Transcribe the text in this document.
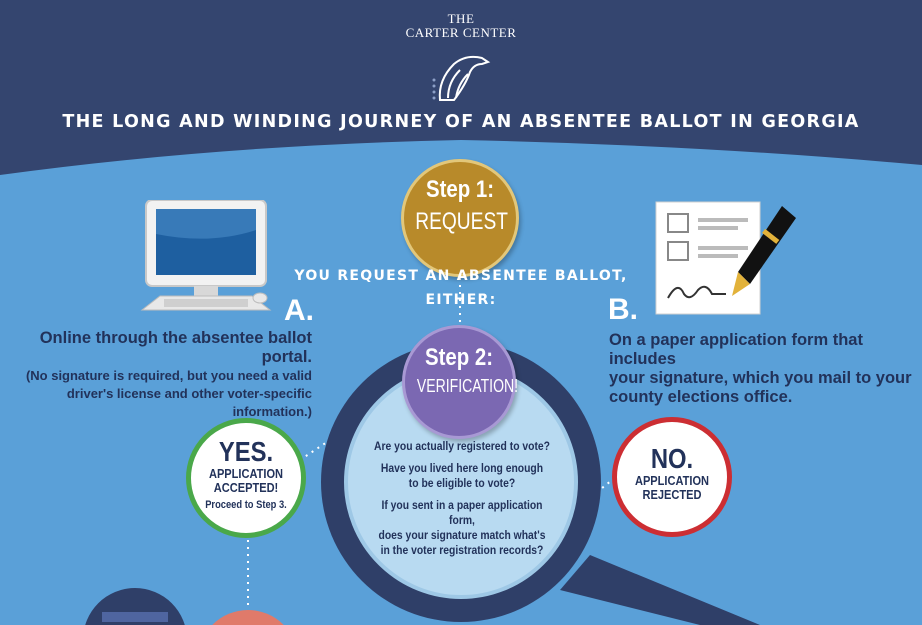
THE
CARTER CENTER
THE LONG AND WINDING JOURNEY OF AN ABSENTEE BALLOT IN GEORGIA
Step 1:
REQUEST
YOU REQUEST AN ABSENTEE BALLOT,
EITHER:
A.
Online through the absentee ballot portal.
(No signature is required, but you need a valid
driver's license and other voter-specific information.)
B.
On a paper application form that includes
your signature, which you mail to your
county elections office.
Step 2:
VERIFICATION!

Are you actually registered to vote?

Have you lived here long enough
to be eligible to vote?

If you sent in a paper application form,
does your signature match what's
in the voter registration records?

YES.
APPLICATION
ACCEPTED!
Proceed to Step 3.
NO.
APPLICATION
REJECTED
